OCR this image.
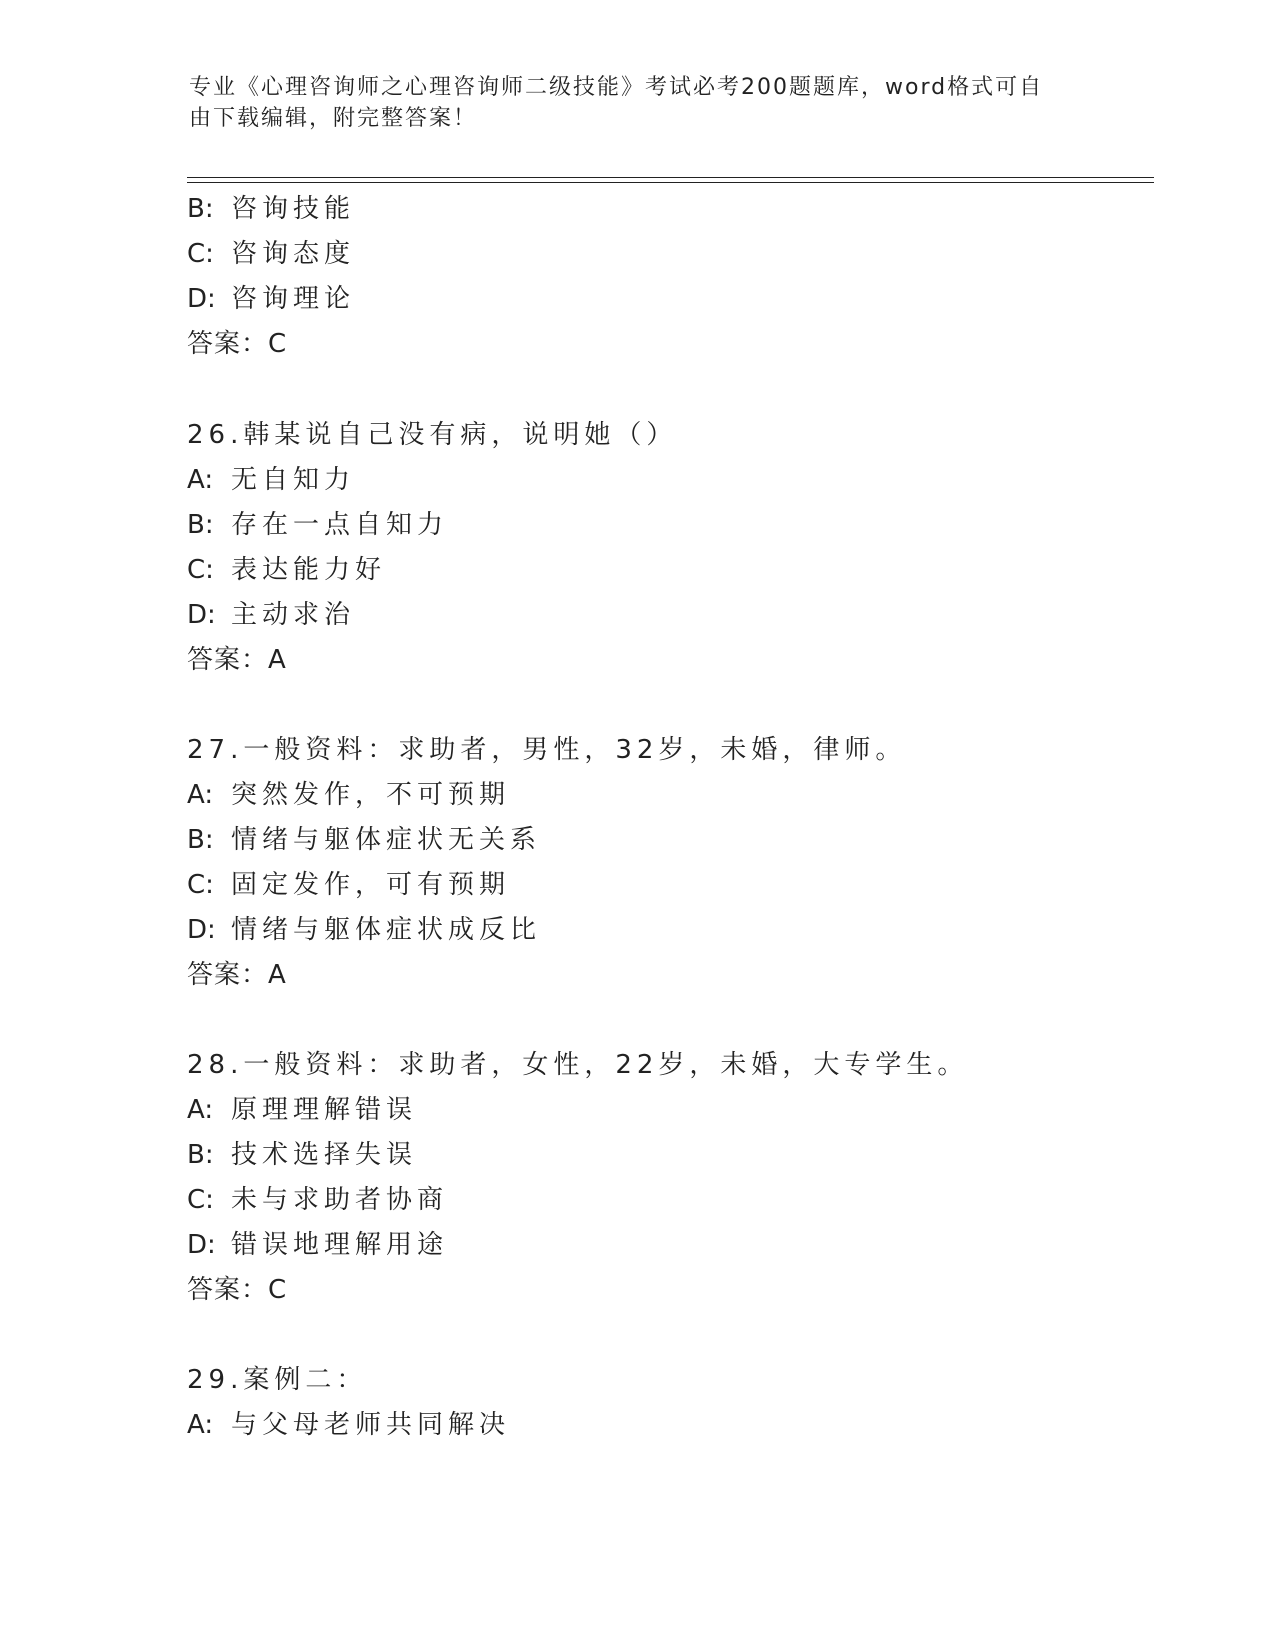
专业《心理咨询师之心理咨询师二级技能》考试必考200题题库，word格式可自
由下载编辑，附完整答案！
B: 咨询技能
C: 咨询态度
D: 咨询理论
答案：C
26.韩某说自己没有病，说明她（）
A: 无自知力
B: 存在一点自知力
C: 表达能力好
D: 主动求治
答案：A
27.一般资料：求助者，男性，32岁，未婚，律师。
A: 突然发作，不可预期
B: 情绪与躯体症状无关系
C: 固定发作，可有预期
D: 情绪与躯体症状成反比
答案：A
28.一般资料：求助者，女性，22岁，未婚，大专学生。
A: 原理理解错误
B: 技术选择失误
C: 未与求助者协商
D: 错误地理解用途
答案：C
29.案例二：
A: 与父母老师共同解决
